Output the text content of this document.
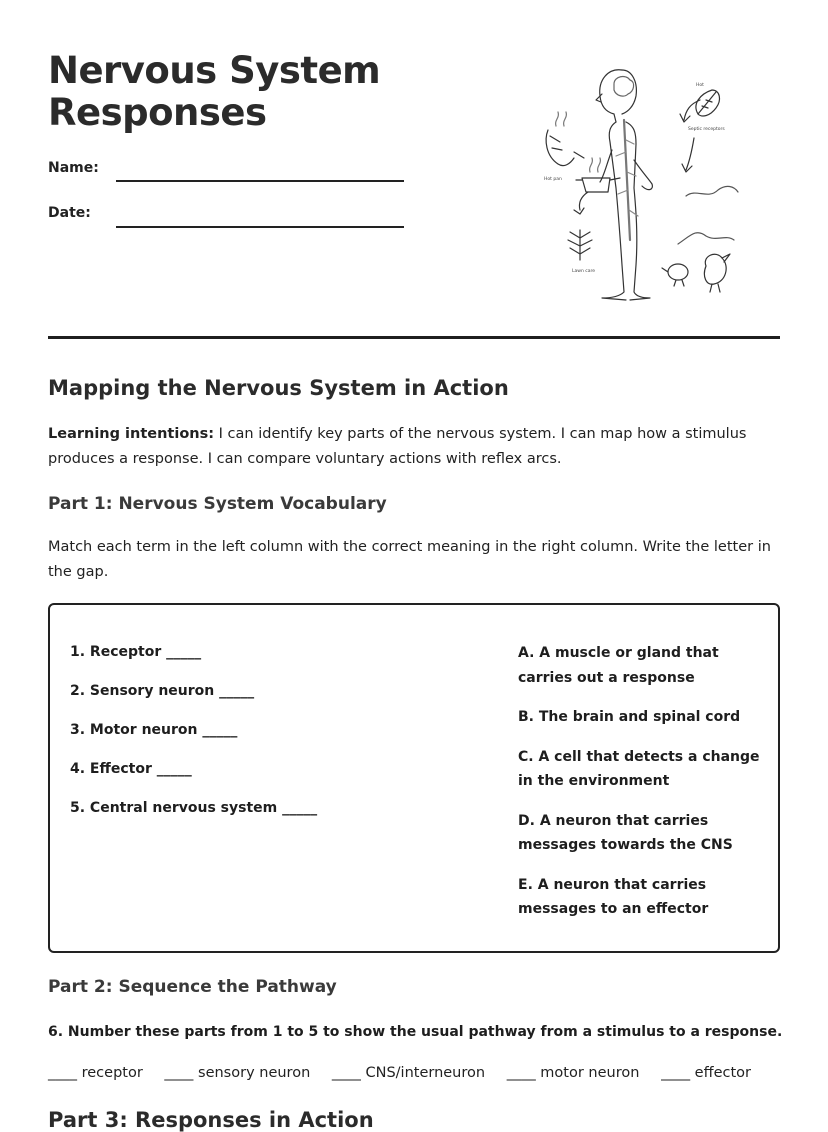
Nervous System
Responses
Name:
Date:
Hot
Septic receptors
Hot pan
Lawn care
Mapping the Nervous System in Action
Learning intentions: I can identify key parts of the nervous system. I can map how a stimulus produces a response. I can compare voluntary actions with reflex arcs.
Part 1: Nervous System Vocabulary
Match each term in the left column with the correct meaning in the right column. Write the letter in the gap.
1. Receptor _____
2. Sensory neuron _____
3. Motor neuron _____
4. Effector _____
5. Central nervous system _____
A. A muscle or gland that carries out a response
B. The brain and spinal cord
C. A cell that detects a change in the environment
D. A neuron that carries messages towards the CNS
E. A neuron that carries messages to an effector
Part 2: Sequence the Pathway
6. Number these parts from 1 to 5 to show the usual pathway from a stimulus to a response.
____ receptor ____ sensory neuron ____ CNS/interneuron ____ motor neuron ____ effector
Part 3: Responses in Action
